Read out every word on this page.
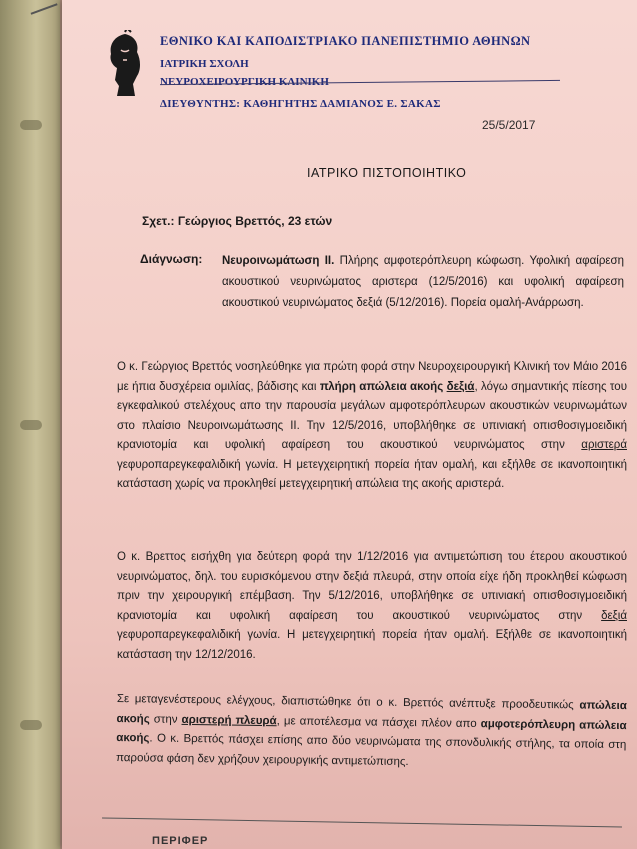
ΕΘΝΙΚΟ ΚΑΙ ΚΑΠΟΔΙΣΤΡΙΑΚΟ ΠΑΝΕΠΙΣΤΗΜΙΟ ΑΘΗΝΩΝ
ΙΑΤΡΙΚΗ ΣΧΟΛΗ
ΝΕΥΡΟΧΕΙΡΟΥΡΓΙΚΗ ΚΛΙΝΙΚΗ
ΔΙΕΥΘΥΝΤΗΣ: ΚΑΘΗΓΗΤΗΣ ΔΑΜΙΑΝΟΣ Ε. ΣΑΚΑΣ
25/5/2017
ΙΑΤΡΙΚΟ ΠΙΣΤΟΠΟΙΗΤΙΚΟ
Σχετ.: Γεώργιος Βρεττός, 23 ετών
Διάγνωση: Νευροινωμάτωση ΙΙ. Πλήρης αμφοτερόπλευρη κώφωση. Υφολική αφαίρεση ακουστικού νευρινώματος αριστερα (12/5/2016) και υφολική αφαίρεση ακουστικού νευρινώματος δεξιά (5/12/2016). Πορεία ομαλή-Ανάρρωση.
Ο κ. Γεώργιος Βρεττός νοσηλεύθηκε για πρώτη φορά στην Νευροχειρουργική Κλινική τον Μάιο 2016 με ήπια δυσχέρεια ομιλίας, βάδισης και πλήρη απώλεια ακοής δεξιά, λόγω σημαντικής πίεσης του εγκεφαλικού στελέχους απο την παρουσία μεγάλων αμφοτερόπλευρων ακουστικών νευρινωμάτων στο πλαίσιο Νευροινωμάτωσης ΙΙ. Την 12/5/2016, υποβλήθηκε σε υπινιακή οπισθοσιγμοειδική κρανιοτομία και υφολική αφαίρεση του ακουστικού νευρινώματος στην αριστερά γεφυροπαρεγκεφαλιδική γωνία. Η μετεγχειρητική πορεία ήταν ομαλή, και εξήλθε σε ικανοποιητική κατάσταση χωρίς να προκληθεί μετεγχειρητική απώλεια της ακοής αριστερά.
Ο κ. Βρεττος εισήχθη για δεύτερη φορά την 1/12/2016 για αντιμετώπιση του έτερου ακουστικού νευρινώματος, δηλ. του ευρισκόμενου στην δεξιά πλευρά, στην οποία είχε ήδη προκληθεί κώφωση πριν την χειρουργική επέμβαση. Την 5/12/2016, υποβλήθηκε σε υπινιακή οπισθοσιγμοειδική κρανιοτομία και υφολική αφαίρεση του ακουστικού νευρινώματος στην δεξιά γεφυροπαρεγκεφαλιδική γωνία. Η μετεγχειρητική πορεία ήταν ομαλή. Εξήλθε σε ικανοποιητική κατάσταση την 12/12/2016.
Σε μεταγενέστερους ελέγχους, διαπιστώθηκε ότι ο κ. Βρεττός ανέπτυξε προοδευτικώς απώλεια ακοής στην αριστερή πλευρά, με αποτέλεσμα να πάσχει πλέον απο αμφοτερόπλευρη απώλεια ακοής. Ο κ. Βρεττός πάσχει επίσης απο δύο νευρινώματα της σπονδυλικής στήλης, τα οποία στη παρούσα φάση δεν χρήζουν χειρουργικής αντιμετώπισης.
ΠΕΡΙΦΕΡ
